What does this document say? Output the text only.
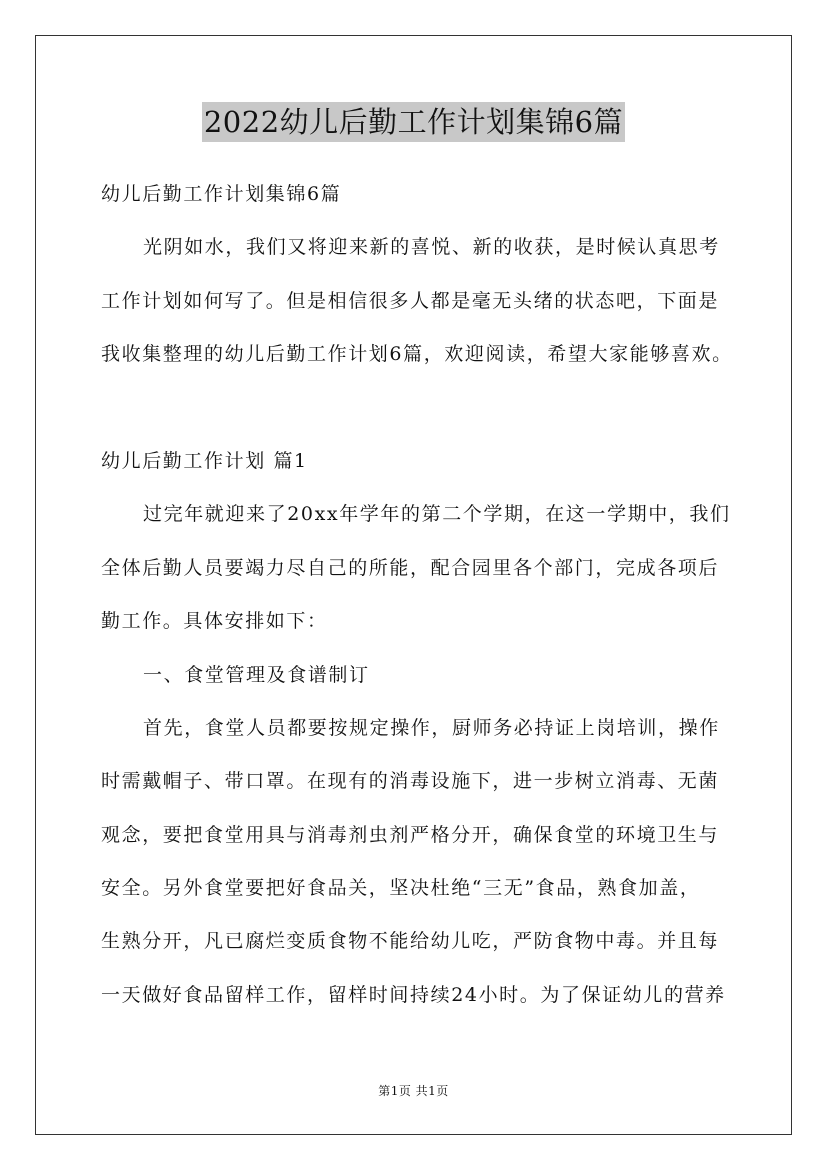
2022幼儿后勤工作计划集锦6篇
幼儿后勤工作计划集锦6篇
光阴如水，我们又将迎来新的喜悦、新的收获，是时候认真思考
工作计划如何写了。但是相信很多人都是毫无头绪的状态吧，下面是
我收集整理的幼儿后勤工作计划6篇，欢迎阅读，希望大家能够喜欢。
幼儿后勤工作计划 篇1
过完年就迎来了20xx年学年的第二个学期，在这一学期中，我们
全体后勤人员要竭力尽自己的所能，配合园里各个部门，完成各项后
勤工作。具体安排如下：
一、食堂管理及食谱制订
首先，食堂人员都要按规定操作，厨师务必持证上岗培训，操作
时需戴帽子、带口罩。在现有的消毒设施下，进一步树立消毒、无菌
观念，要把食堂用具与消毒剂虫剂严格分开，确保食堂的环境卫生与
安全。另外食堂要把好食品关，坚决杜绝“三无”食品，熟食加盖，
生熟分开，凡已腐烂变质食物不能给幼儿吃，严防食物中毒。并且每
一天做好食品留样工作，留样时间持续24小时。为了保证幼儿的营养
第1页 共1页
